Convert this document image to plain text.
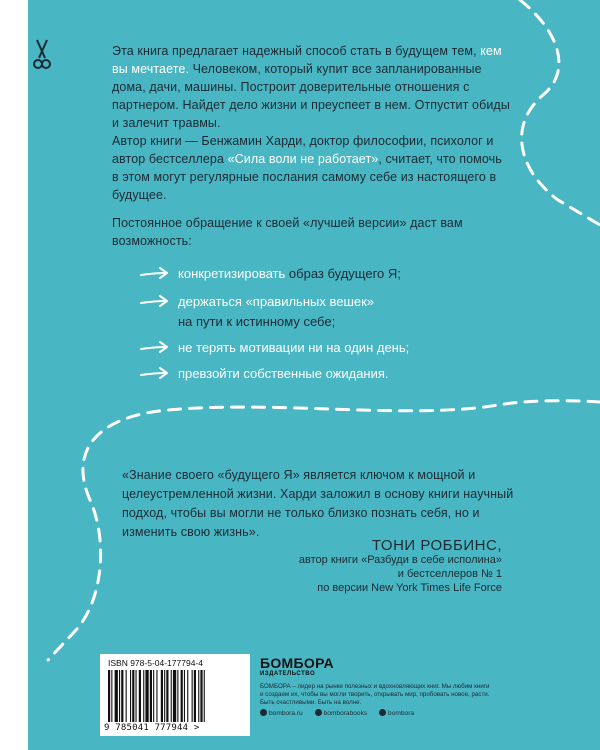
Эта книга предлагает надежный способ стать в будущем тем, кем вы мечтаете. Человеком, который купит все запланированные дома, дачи, машины. Построит доверительные отношения с партнером. Найдет дело жизни и преуспеет в нем. Отпустит обиды и залечит травмы.
Автор книги — Бенжамин Харди, доктор философии, психолог и автор бестселлера «Сила воли не работает», считает, что помочь в этом могут регулярные послания самому себе из настоящего в будущее.
Постоянное обращение к своей «лучшей версии» даст вам возможность:
конкретизировать образ будущего Я;
держаться «правильных вешек»
на пути к истинному себе;
не терять мотивации ни на один день;
превзойти собственные ожидания.
«Знание своего «будущего Я» является ключом к мощной и целеустремленной жизни. Харди заложил в основу книги научный подход, чтобы вы могли не только близко познать себя, но и изменить свою жизнь».
ТОНИ РОББИНС,
автор книги «Разбуди в себе исполина»
и бестселлеров № 1
по версии New York Times Life Force
ISBN 978-5-04-177794-4
9 785041 777944 >
БОМБОРА
ИЗДАТЕЛЬСТВО
БОМБОРА – лидер на рынке полезных и вдохновляющих книг. Мы любим книги и создаем их, чтобы вы могли творить, открывать мир, пробовать новое, расти. Быть счастливыми. Быть на волне.
bombora.ru	bomborabooks	bombora
